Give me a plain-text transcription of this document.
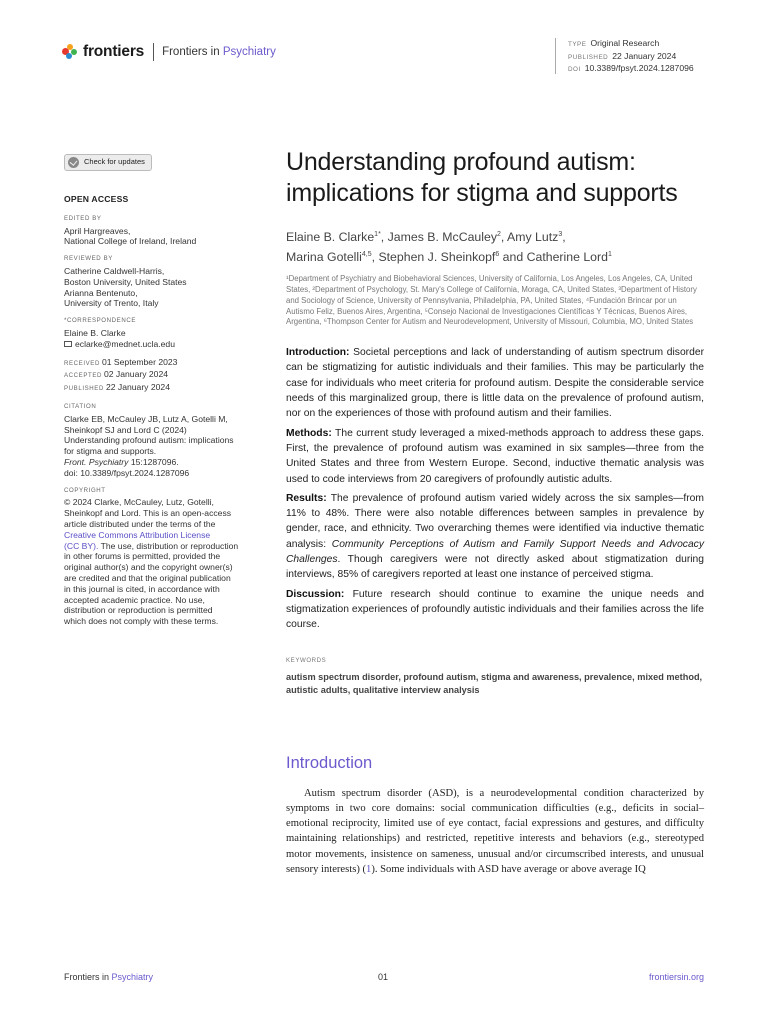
frontiers Frontiers in Psychiatry
TYPE Original Research
PUBLISHED 22 January 2024
DOI 10.3389/fpsyt.2024.1287096
Check for updates
OPEN ACCESS
EDITED BY
April Hargreaves,
National College of Ireland, Ireland
REVIEWED BY
Catherine Caldwell-Harris,
Boston University, United States
Arianna Bentenuto,
University of Trento, Italy
*CORRESPONDENCE
Elaine B. Clarke
eclarke@mednet.ucla.edu
RECEIVED 01 September 2023
ACCEPTED 02 January 2024
PUBLISHED 22 January 2024
CITATION
Clarke EB, McCauley JB, Lutz A, Gotelli M,
Sheinkopf SJ and Lord C (2024)
Understanding profound autism: implications
for stigma and supports.
Front. Psychiatry 15:1287096.
doi: 10.3389/fpsyt.2024.1287096
COPYRIGHT
© 2024 Clarke, McCauley, Lutz, Gotelli,
Sheinkopf and Lord. This is an open-access
article distributed under the terms of the
Creative Commons Attribution License
(CC BY). The use, distribution or reproduction
in other forums is permitted, provided the
original author(s) and the copyright owner(s)
are credited and that the original publication
in this journal is cited, in accordance with
accepted academic practice. No use,
distribution or reproduction is permitted
which does not comply with these terms.
Understanding profound autism: implications for stigma and supports
Elaine B. Clarke$^{1*}$, James B. McCauley$^2$, Amy Lutz$^3$,
Marina Gotelli$^{4,5}$, Stephen J. Sheinkopf$^6$ and Catherine Lord$^1$
¹Department of Psychiatry and Biobehavioral Sciences, University of California, Los Angeles, Los Angeles, CA, United States, ²Department of Psychology, St. Mary's College of California, Moraga, CA, United States, ³Department of History and Sociology of Science, University of Pennsylvania, Philadelphia, PA, United States, ⁴Fundación Brincar por un Autismo Feliz, Buenos Aires, Argentina, ⁵Consejo Nacional de Investigaciones Científicas Y Técnicas, Buenos Aires, Argentina, ⁶Thompson Center for Autism and Neurodevelopment, University of Missouri, Columbia, MO, United States

Introduction: Societal perceptions and lack of understanding of autism spectrum disorder can be stigmatizing for autistic individuals and their families. This may be particularly the case for individuals who meet criteria for profound autism. Despite the considerable service needs of this marginalized group, there is little data on the prevalence of profound autism, nor on the experiences of those with profound autism and their families.

Methods: The current study leveraged a mixed-methods approach to address these gaps. First, the prevalence of profound autism was examined in six samples—three from the United States and three from Western Europe. Second, inductive thematic analysis was used to code interviews from 20 caregivers of profoundly autistic adults.

Results: The prevalence of profound autism varied widely across the six samples—from 11% to 48%. There were also notable differences between samples in prevalence by gender, race, and ethnicity. Two overarching themes were identified via inductive thematic analysis: Community Perceptions of Autism and Family Support Needs and Advocacy Challenges. Though caregivers were not directly asked about stigmatization during interviews, 85% of caregivers reported at least one instance of perceived stigma.

Discussion: Future research should continue to examine the unique needs and stigmatization experiences of profoundly autistic individuals and their families across the life course.

KEYWORDS
autism spectrum disorder, profound autism, stigma and awareness, prevalence, mixed method, autistic adults, qualitative interview analysis
Introduction

Autism spectrum disorder (ASD), is a neurodevelopmental condition characterized by symptoms in two core domains: social communication difficulties (e.g., deficits in social–emotional reciprocity, limited use of eye contact, facial expressions and gestures, and difficulty maintaining relationships) and restricted, repetitive interests and behaviors (e.g., stereotyped motor movements, insistence on sameness, unusual and/or circumscribed interests, and unusual sensory interests) (1). Some individuals with ASD have average or above average IQ

Frontiers in Psychiatry	01	frontiersin.org
